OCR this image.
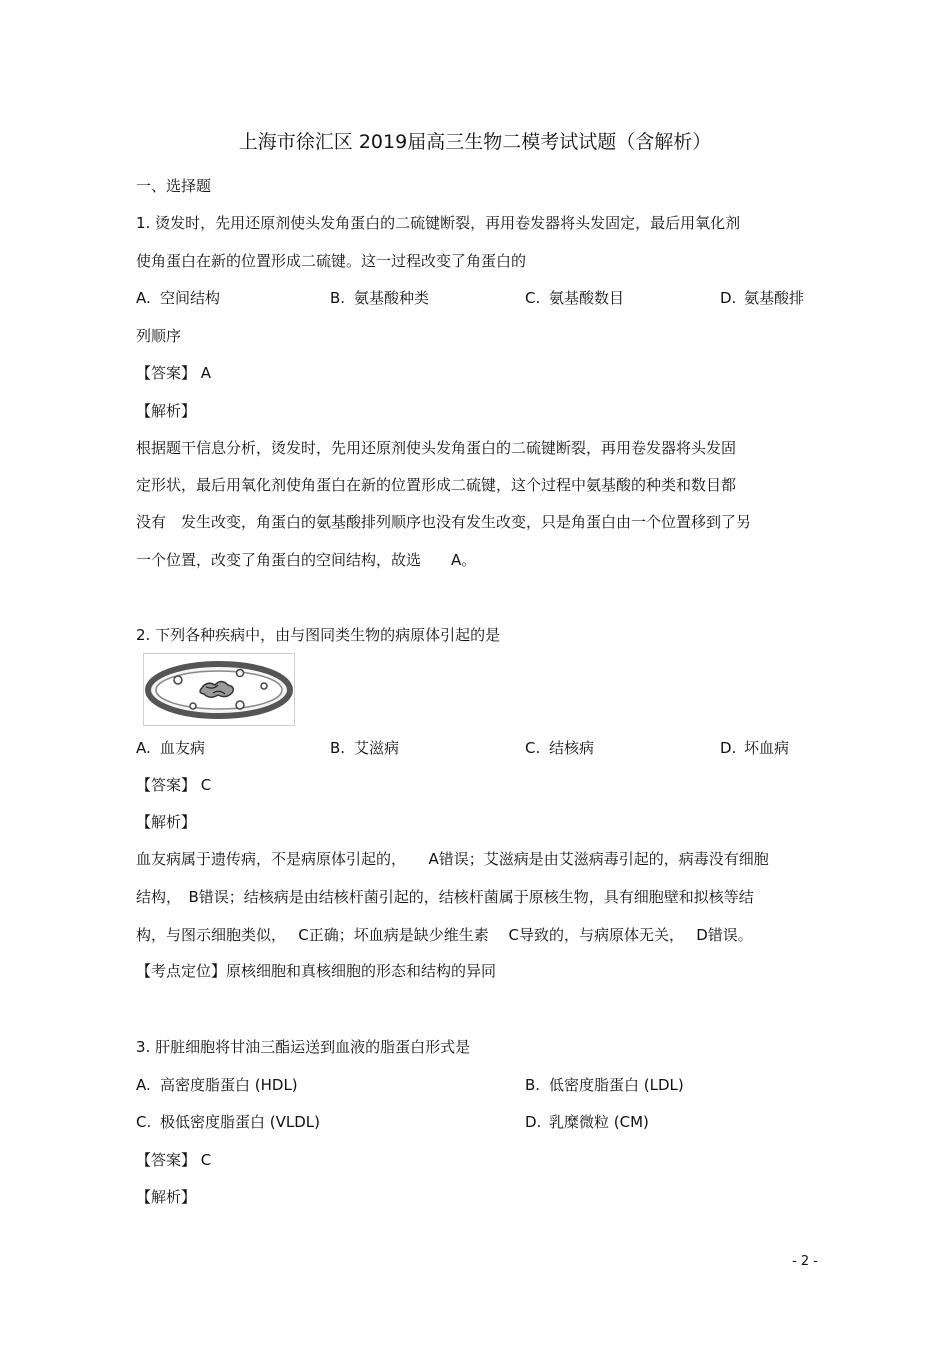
上海市徐汇区 2019届高三生物二模考试试题（含解析）
一、选择题
1. 烫发时，先用还原剂使头发角蛋白的二硫键断裂，再用卷发器将头发固定，最后用氧化剂
使角蛋白在新的位置形成二硫键。这一过程改变了角蛋白的
A. 空间结构	B. 氨基酸种类	C. 氨基酸数目	D. 氨基酸排
列顺序
【答案】 A
【解析】
根据题干信息分析，烫发时，先用还原剂使头发角蛋白的二硫键断裂，再用卷发器将头发固
定形状，最后用氧化剂使角蛋白在新的位置形成二硫键，这个过程中氨基酸的种类和数目都
没有　发生改变，角蛋白的氨基酸排列顺序也没有发生改变，只是角蛋白由一个位置移到了另
一个位置，改变了角蛋白的空间结构，故选　　A。
2. 下列各种疾病中，由与图同类生物的病原体引起的是
A. 血友病	B. 艾滋病	C. 结核病	D. 坏血病
【答案】 C
【解析】
血友病属于遗传病，不是病原体引起的，　　A错误；艾滋病是由艾滋病毒引起的，病毒没有细胞
结构，　B错误；结核病是由结核杆菌引起的，结核杆菌属于原核生物，具有细胞壁和拟核等结
构，与图示细胞类似，　 C正确；坏血病是缺少维生素　 C导致的，与病原体无关，　 D错误。
【考点定位】原核细胞和真核细胞的形态和结构的异同
3. 肝脏细胞将甘油三酯运送到血液的脂蛋白形式是
A. 高密度脂蛋白 (HDL)	B. 低密度脂蛋白 (LDL)
C. 极低密度脂蛋白 (VLDL)	D. 乳糜微粒 (CM)
【答案】 C
【解析】
- 2 -
